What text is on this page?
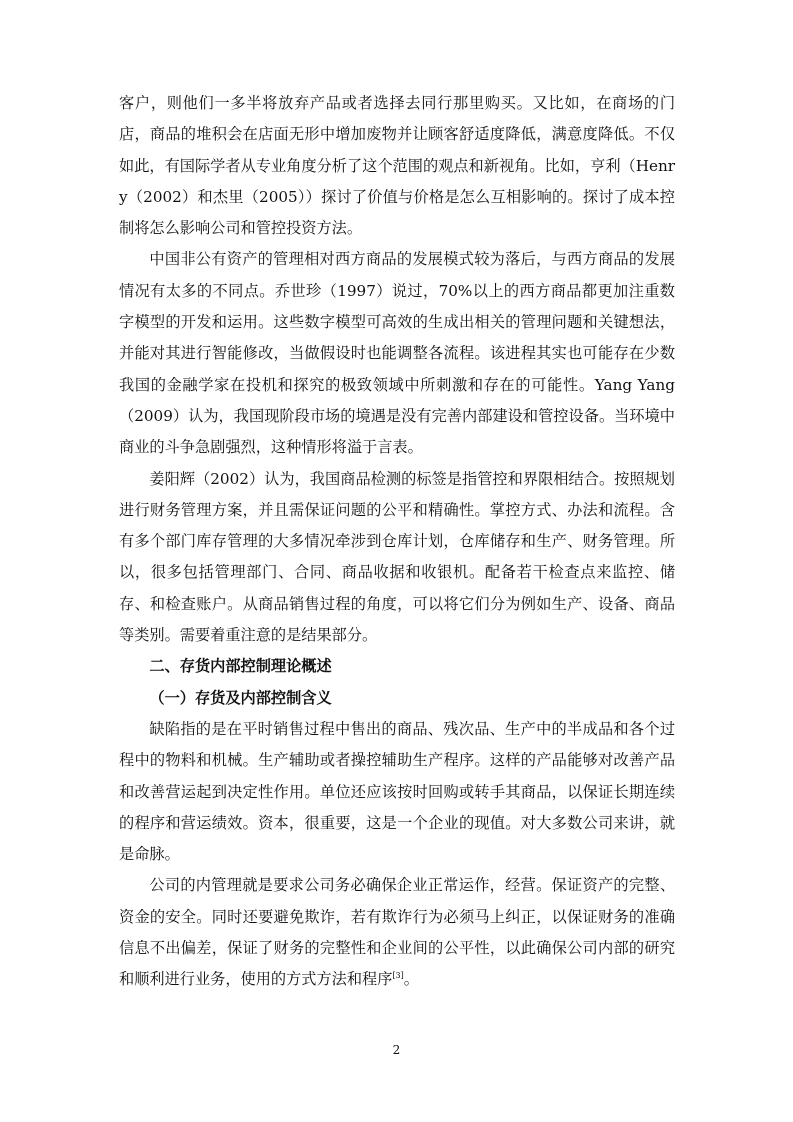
客户，则他们一多半将放弃产品或者选择去同行那里购买。又比如，在商场的门店，商品的堆积会在店面无形中增加废物并让顾客舒适度降低，满意度降低。不仅如此，有国际学者从专业角度分析了这个范围的观点和新视角。比如，亨利（Henry（2002）和杰里（2005））探讨了价值与价格是怎么互相影响的。探讨了成本控制将怎么影响公司和管控投资方法。

中国非公有资产的管理相对西方商品的发展模式较为落后，与西方商品的发展情况有太多的不同点。乔世珍（1997）说过，70%以上的西方商品都更加注重数字模型的开发和运用。这些数字模型可高效的生成出相关的管理问题和关键想法，并能对其进行智能修改，当做假设时也能调整各流程。该进程其实也可能存在少数我国的金融学家在投机和探究的极致领域中所刺激和存在的可能性。Yang Yang（2009）认为，我国现阶段市场的境遇是没有完善内部建设和管控设备。当环境中商业的斗争急剧强烈，这种情形将溢于言表。

姜阳辉（2002）认为，我国商品检测的标签是指管控和界限相结合。按照规划进行财务管理方案，并且需保证问题的公平和精确性。掌控方式、办法和流程。含有多个部门库存管理的大多情况牵涉到仓库计划，仓库储存和生产、财务管理。所以，很多包括管理部门、合同、商品收据和收银机。配备若干检查点来监控、储存、和检查账户。从商品销售过程的角度，可以将它们分为例如生产、设备、商品等类别。需要着重注意的是结果部分。

二、存货内部控制理论概述

（一）存货及内部控制含义

缺陷指的是在平时销售过程中售出的商品、残次品、生产中的半成品和各个过程中的物料和机械。生产辅助或者操控辅助生产程序。这样的产品能够对改善产品和改善营运起到决定性作用。单位还应该按时回购或转手其商品，以保证长期连续的程序和营运绩效。资本，很重要，这是一个企业的现值。对大多数公司来讲，就是命脉。

公司的内管理就是要求公司务必确保企业正常运作，经营。保证资产的完整、资金的安全。同时还要避免欺诈，若有欺诈行为必须马上纠正，以保证财务的准确信息不出偏差，保证了财务的完整性和企业间的公平性，以此确保公司内部的研究和顺利进行业务，使用的方式方法和程序[3]。

2
